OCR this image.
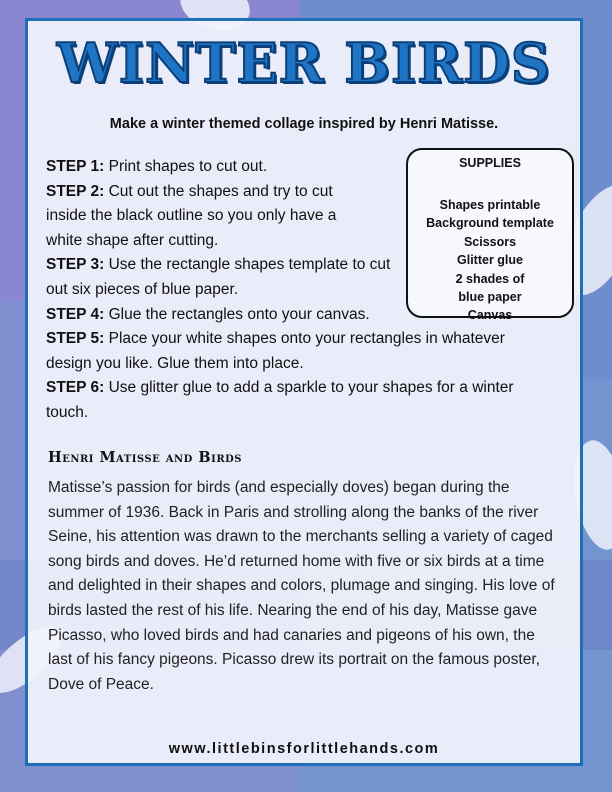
WINTER BIRDS

Make a winter themed collage inspired by Henri Matisse.

STEP 1: Print shapes to cut out.

STEP 2: Cut out the shapes and try to cut inside the black outline so you only have a white shape after cutting.

STEP 3: Use the rectangle shapes template to cut out six pieces of blue paper.

STEP 4: Glue the rectangles onto your canvas.

STEP 5: Place your white shapes onto your rectangles in whatever design you like. Glue them into place.

STEP 6: Use glitter glue to add a sparkle to your shapes for a winter touch.

SUPPLIES
Shapes printable
Background template
Scissors
Glitter glue
2 shades of
blue paper
Canvas
Henri Matisse and Birds

Matisse’s passion for birds (and especially doves) began during the summer of 1936. Back in Paris and strolling along the banks of the river Seine, his attention was drawn to the merchants selling a variety of caged song birds and doves. He’d returned home with five or six birds at a time and delighted in their shapes and colors, plumage and singing. His love of birds lasted the rest of his life. Nearing the end of his day, Matisse gave Picasso, who loved birds and had canaries and pigeons of his own, the last of his fancy pigeons. Picasso drew its portrait on the famous poster, Dove of Peace.

www.littlebinsforlittlehands.com
